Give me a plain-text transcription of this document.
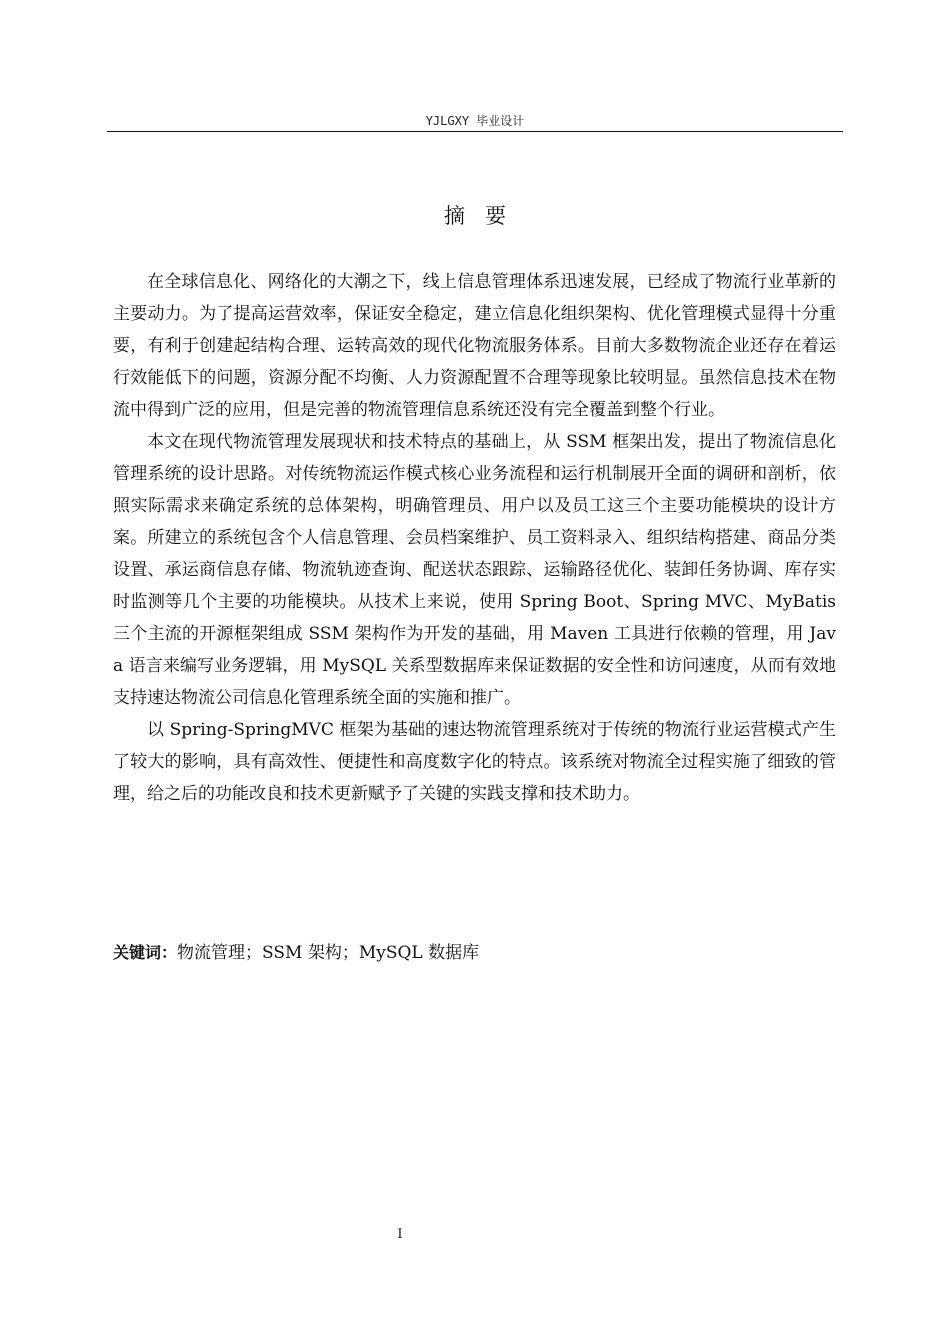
YJLGXY 毕业设计
摘要

在全球信息化、网络化的大潮之下，线上信息管理体系迅速发展，已经成了物流行业革新的主要动力。为了提高运营效率，保证安全稳定，建立信息化组织架构、优化管理模式显得十分重要，有利于创建起结构合理、运转高效的现代化物流服务体系。目前大多数物流企业还存在着运行效能低下的问题，资源分配不均衡、人力资源配置不合理等现象比较明显。虽然信息技术在物流中得到广泛的应用，但是完善的物流管理信息系统还没有完全覆盖到整个行业。

本文在现代物流管理发展现状和技术特点的基础上，从 SSM 框架出发，提出了物流信息化管理系统的设计思路。对传统物流运作模式核心业务流程和运行机制展开全面的调研和剖析，依照实际需求来确定系统的总体架构，明确管理员、用户以及员工这三个主要功能模块的设计方案。所建立的系统包含个人信息管理、会员档案维护、员工资料录入、组织结构搭建、商品分类设置、承运商信息存储、物流轨迹查询、配送状态跟踪、运输路径优化、装卸任务协调、库存实时监测等几个主要的功能模块。从技术上来说，使用 Spring Boot、Spring MVC、MyBatis 三个主流的开源框架组成 SSM 架构作为开发的基础，用 Maven 工具进行依赖的管理，用 Java 语言来编写业务逻辑，用 MySQL 关系型数据库来保证数据的安全性和访问速度，从而有效地支持速达物流公司信息化管理系统全面的实施和推广。

以 Spring-SpringMVC 框架为基础的速达物流管理系统对于传统的物流行业运营模式产生了较大的影响，具有高效性、便捷性和高度数字化的特点。该系统对物流全过程实施了细致的管理，给之后的功能改良和技术更新赋予了关键的实践支撑和技术助力。

关键词：物流管理；SSM 架构；MySQL 数据库
I
